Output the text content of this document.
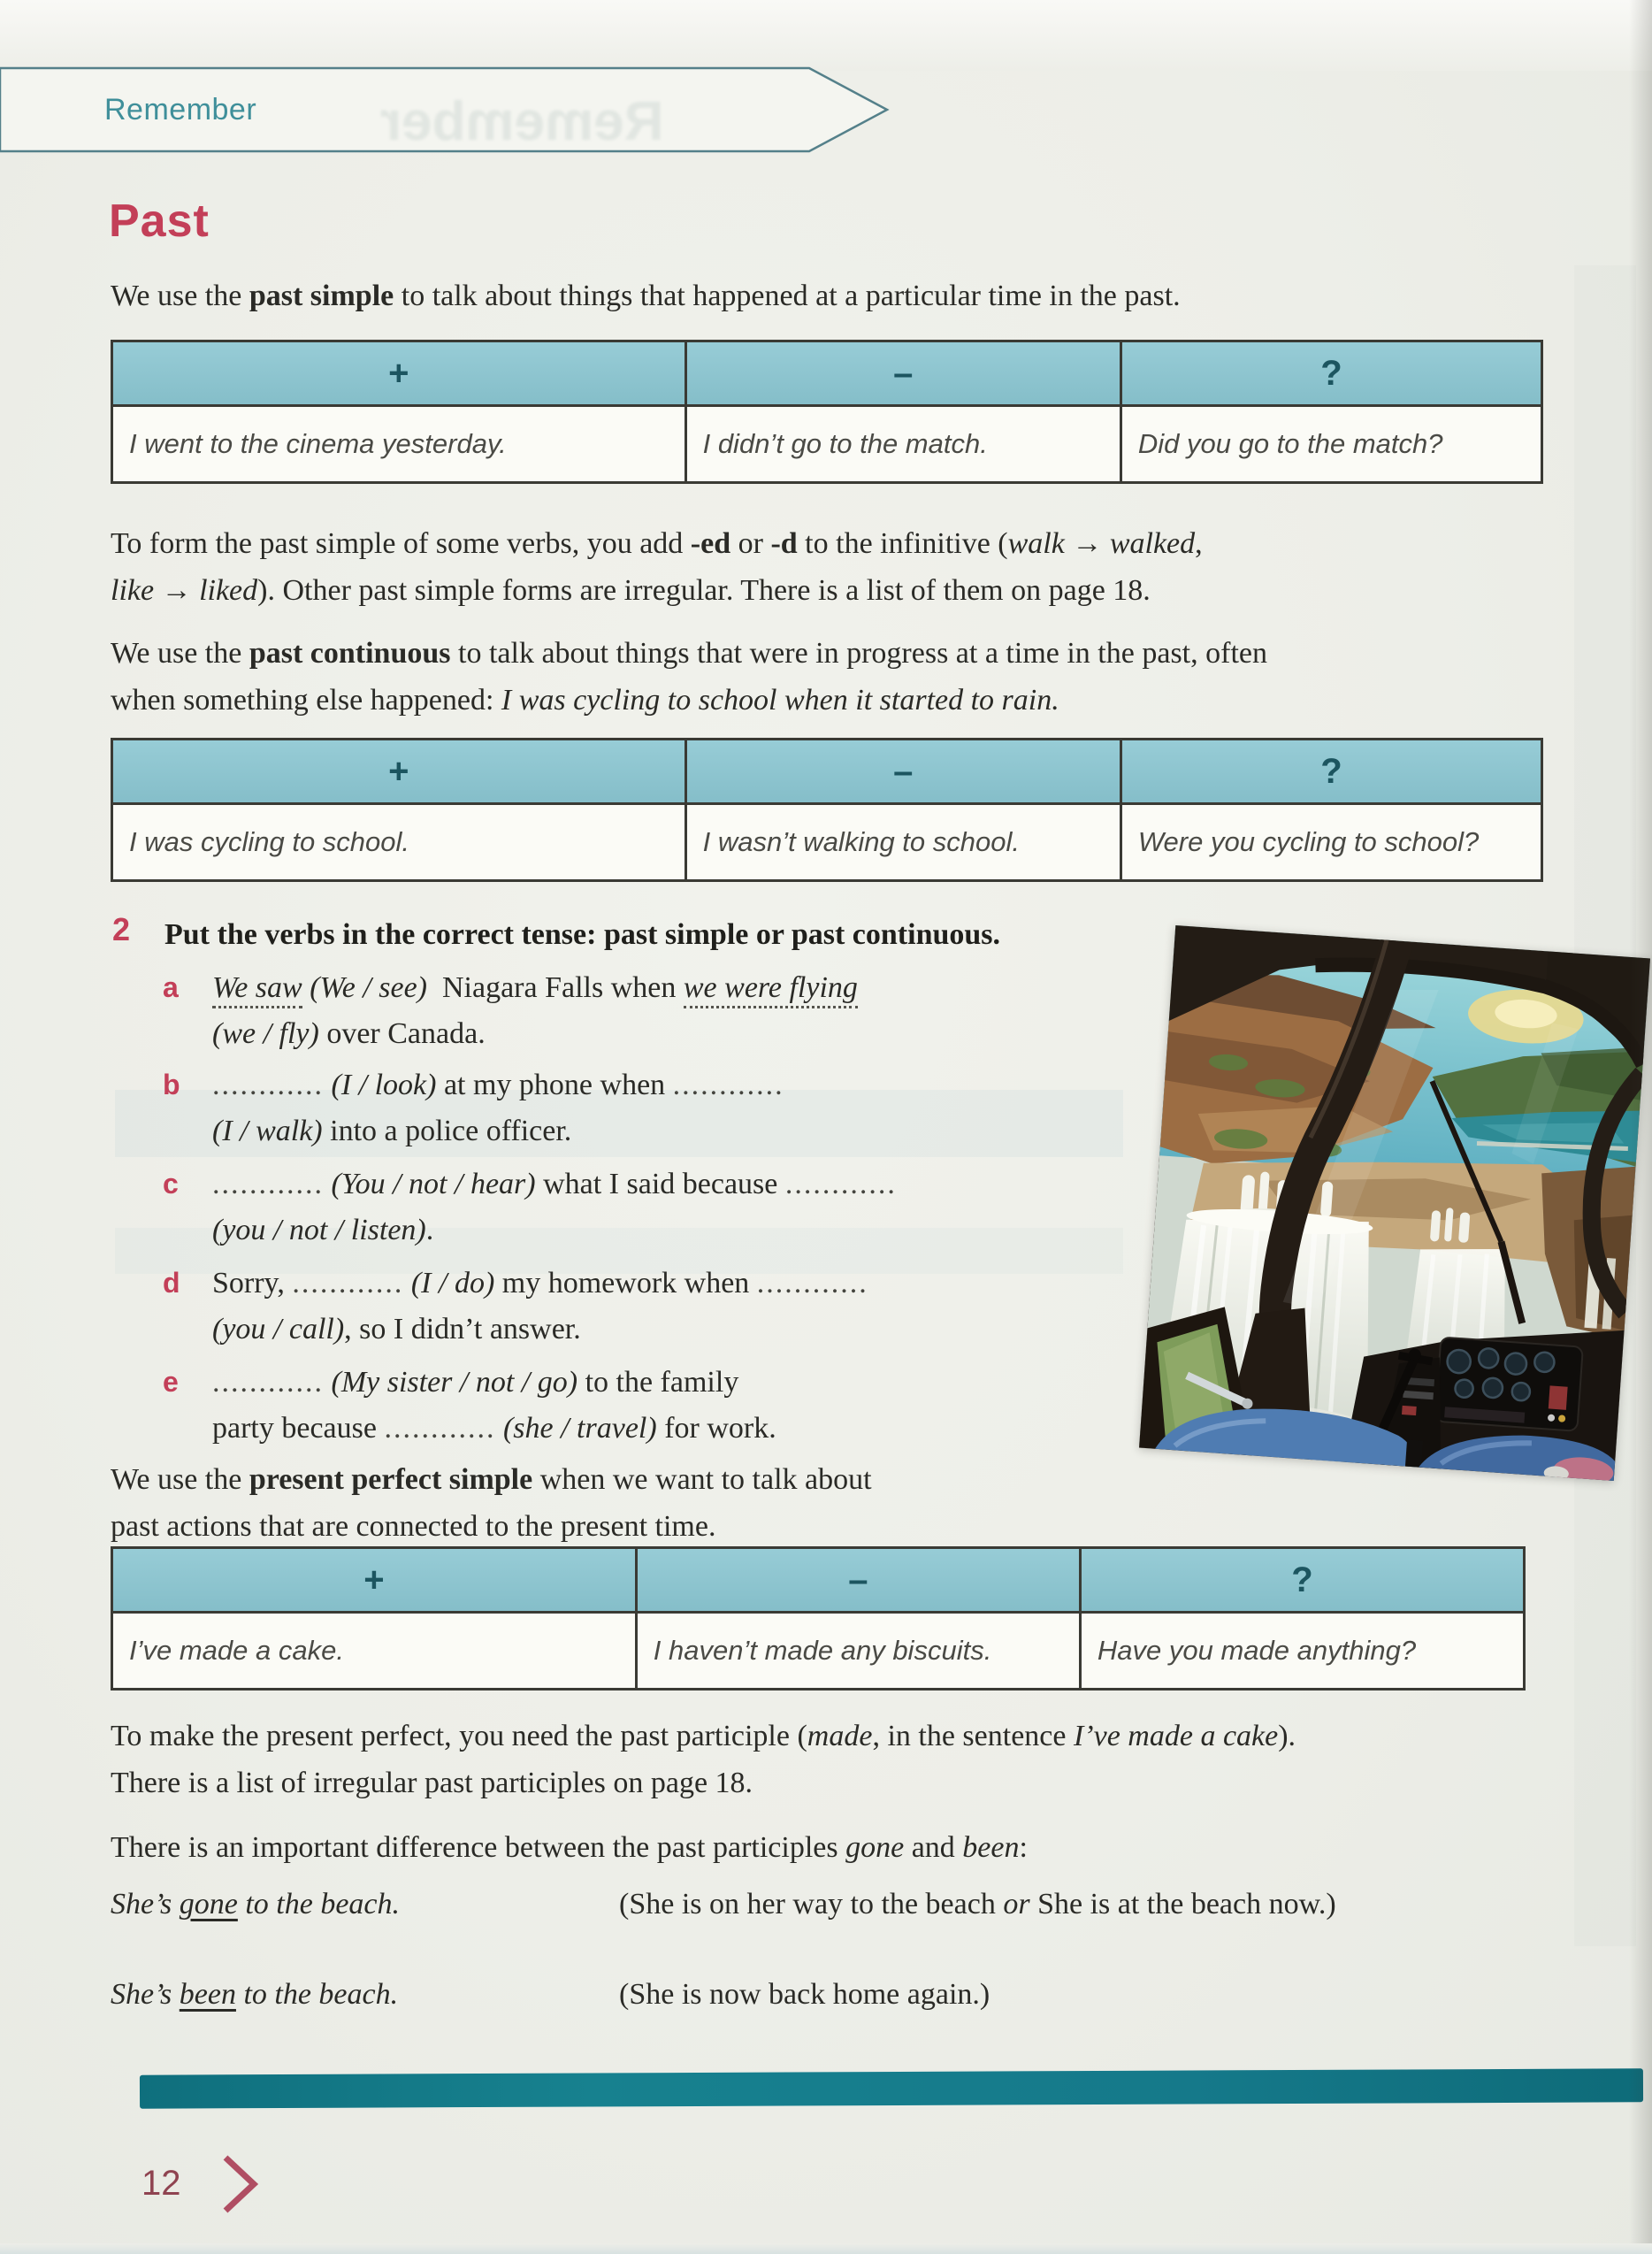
Remember Remember
Past
We use the past simple to talk about things that happened at a particular time in the past.
+	–	?
I went to the cinema yesterday.	I didn’t go to the match.	Did you go to the match?
To form the past simple of some verbs, you add -ed or -d to the infinitive (walk → walked,
like → liked). Other past simple forms are irregular. There is a list of them on page 18.
We use the past continuous to talk about things that were in progress at a time in the past, often
when something else happened: I was cycling to school when it started to rain.
+	–	?
I was cycling to school.	I wasn’t walking to school.	Were you cycling to school?
2 Put the verbs in the correct tense: past simple or past continuous.
a We saw (We / see)  Niagara Falls when we were flying
(we / fly) over Canada.
b ............ (I / look) at my phone when ............
(I / walk) into a police officer.
c ............ (You / not / hear) what I said because ............
(you / not / listen).
d Sorry, ............ (I / do) my homework when ............
(you / call), so I didn’t answer.
e ............ (My sister / not / go) to the family
party because ............ (she / travel) for work.
We use the present perfect simple when we want to talk about
past actions that are connected to the present time.
+	–	?
I’ve made a cake.	I haven’t made any biscuits.	Have you made anything?
To make the present perfect, you need the past participle (made, in the sentence I’ve made a cake).
There is a list of irregular past participles on page 18.
There is an important difference between the past participles gone and been:
She’s gone to the beach.	(She is on her way to the beach or She is at the beach now.)
She’s been to the beach.	(She is now back home again.)
12
